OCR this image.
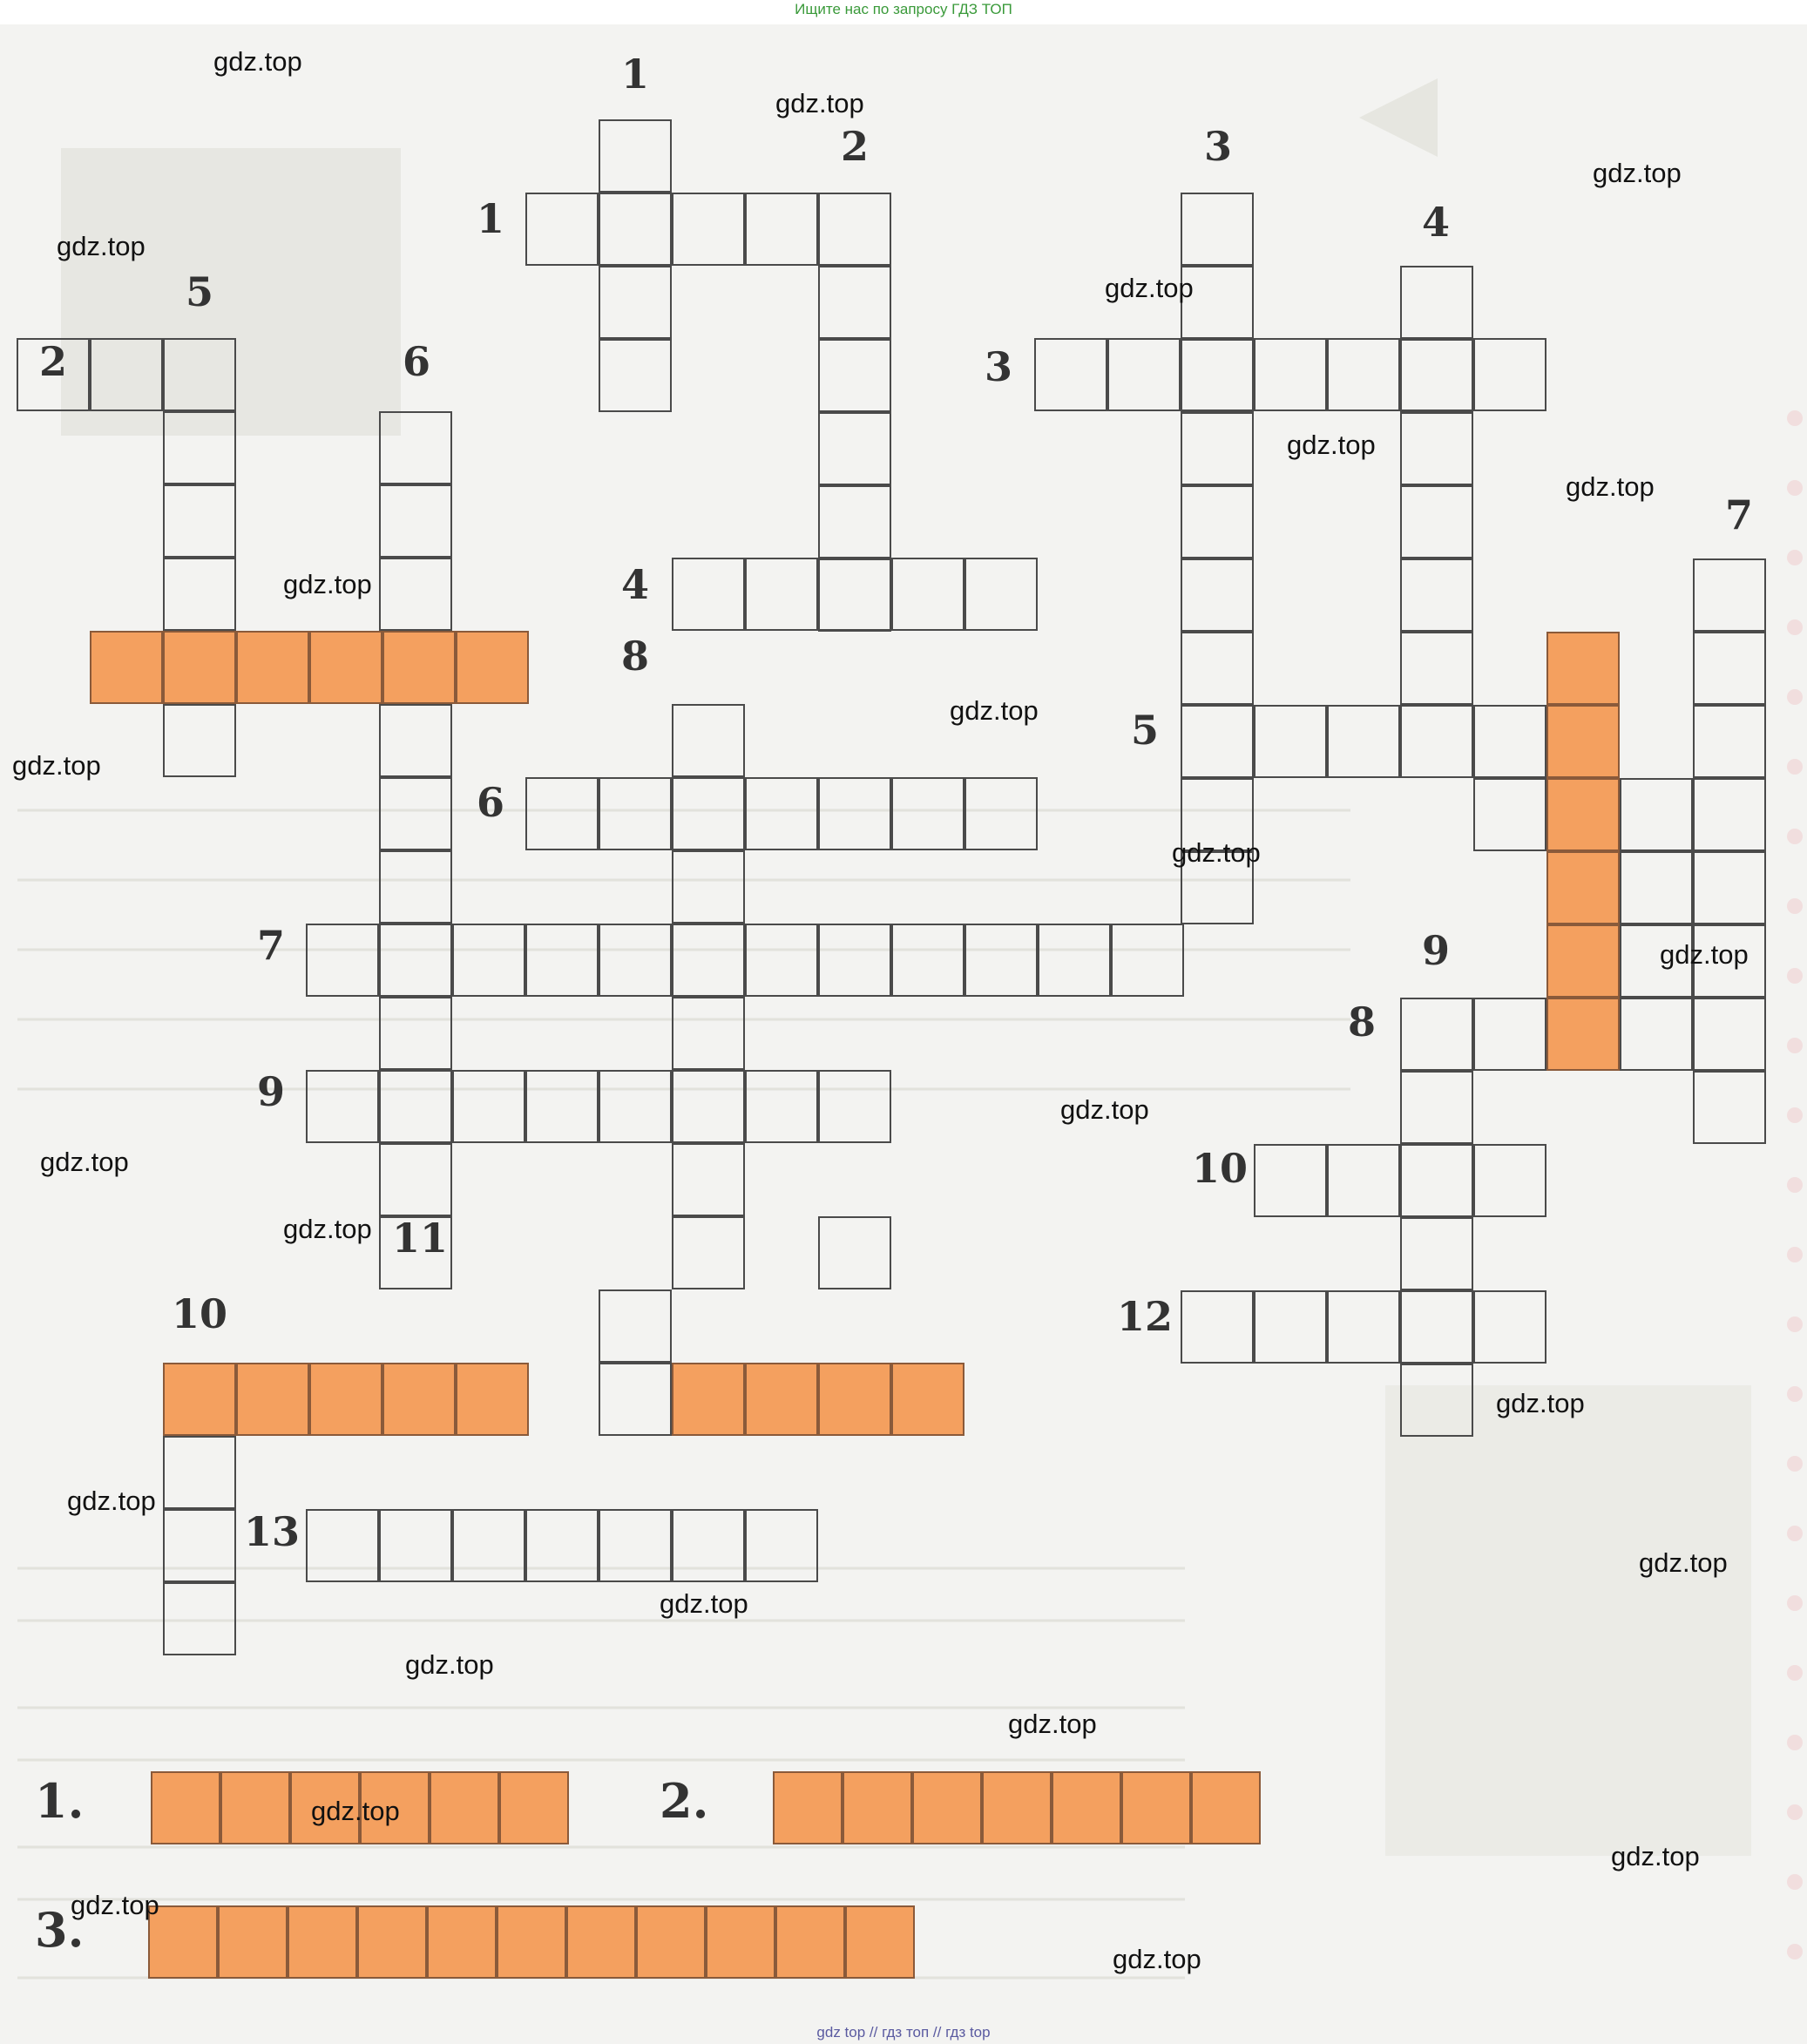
Ищите нас по запросу ГДЗ ТОП
1
2
1
2
5
6
4
8
6
7
9
11
10
13
3
4
3
7
5
9
8
10
12
1.	2.
3.
gdz.top
gdz.top
gdz.top
gdz.top
gdz.top
gdz.top
gdz.top
gdz.top
gdz.top
gdz.top
gdz.top
gdz.top
gdz.top
gdz.top
gdz.top
gdz.top
gdz.top
gdz.top
gdz.top
gdz.top
gdz.top
gdz.top
gdz.top
gdz.top
gdz.top
gdz top // гдз топ // гдз top
